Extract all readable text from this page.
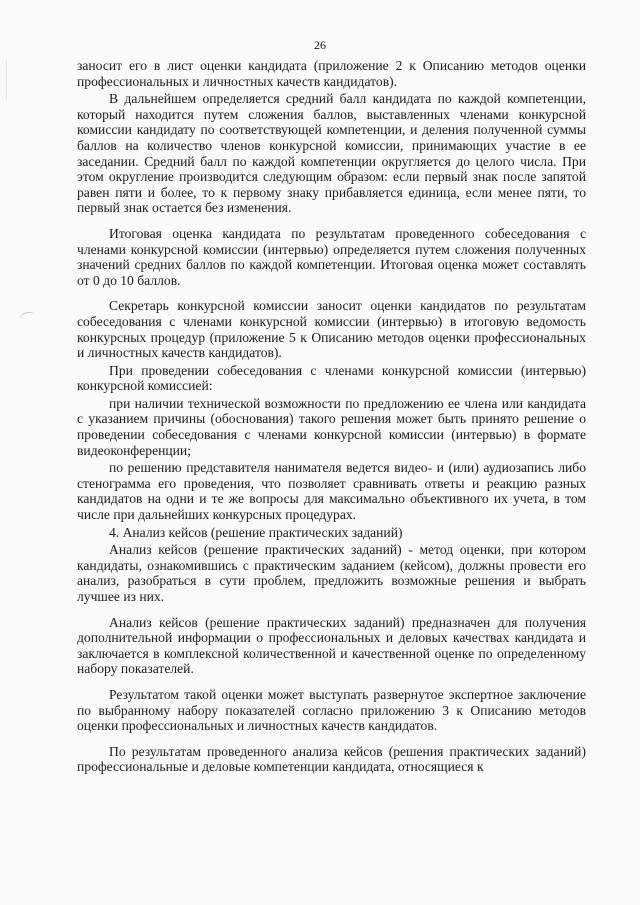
26

заносит его в лист оценки кандидата (приложение 2 к Описанию методов оценки профессиональных и личностных качеств кандидатов).

В дальнейшем определяется средний балл кандидата по каждой компетенции, который находится путем сложения баллов, выставленных членами конкурсной комиссии кандидату по соответствующей компетенции, и деления полученной суммы баллов на количество членов конкурсной комиссии, принимающих участие в ее заседании. Средний балл по каждой компетенции округляется до целого числа. При этом округление производится следующим образом: если первый знак после запятой равен пяти и более, то к первому знаку прибавляется единица, если менее пяти, то первый знак остается без изменения.

Итоговая оценка кандидата по результатам проведенного собеседования с членами конкурсной комиссии (интервью) определяется путем сложения полученных значений средних баллов по каждой компетенции. Итоговая оценка может составлять от 0 до 10 баллов.

Секретарь конкурсной комиссии заносит оценки кандидатов по результатам собеседования с членами конкурсной комиссии (интервью) в итоговую ведомость конкурсных процедур (приложение 5 к Описанию методов оценки профессиональных и личностных качеств кандидатов).

При проведении собеседования с членами конкурсной комиссии (интервью) конкурсной комиссией:

при наличии технической возможности по предложению ее члена или кандидата с указанием причины (обоснования) такого решения может быть принято решение о проведении собеседования с членами конкурсной комиссии (интервью) в формате видеоконференции;

по решению представителя нанимателя ведется видео- и (или) аудиозапись либо стенограмма его проведения, что позволяет сравнивать ответы и реакцию разных кандидатов на одни и те же вопросы для максимально объективного их учета, в том числе при дальнейших конкурсных процедурах.

4. Анализ кейсов (решение практических заданий)

Анализ кейсов (решение практических заданий) - метод оценки, при котором кандидаты, ознакомившись с практическим заданием (кейсом), должны провести его анализ, разобраться в сути проблем, предложить возможные решения и выбрать лучшее из них.

Анализ кейсов (решение практических заданий) предназначен для получения дополнительной информации о профессиональных и деловых качествах кандидата и заключается в комплексной количественной и качественной оценке по определенному набору показателей.

Результатом такой оценки может выступать развернутое экспертное заключение по выбранному набору показателей согласно приложению 3 к Описанию методов оценки профессиональных и личностных качеств кандидатов.

По результатам проведенного анализа кейсов (решения практических заданий) профессиональные и деловые компетенции кандидата, относящиеся к
